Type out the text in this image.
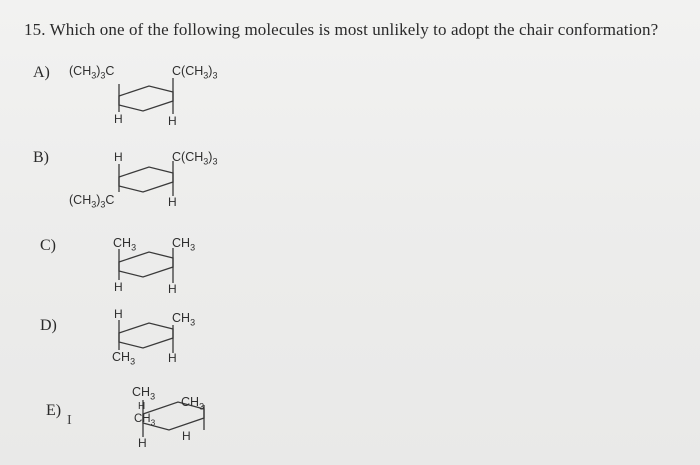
15. Which one of the following molecules is most unlikely to adopt the chair conformation?
A)
B)
C)
D)
E)
I
$(CH_3)_3C$	$C(CH_3)_3$
H	H
H	$C(CH_3)_3$
$(CH_3)_3C$	H
$CH_3$	$CH_3$
H	H
H	$CH_3$
$CH_3$	H
$CH_3$ $CH_3$
H
$CH_3$
H	H
